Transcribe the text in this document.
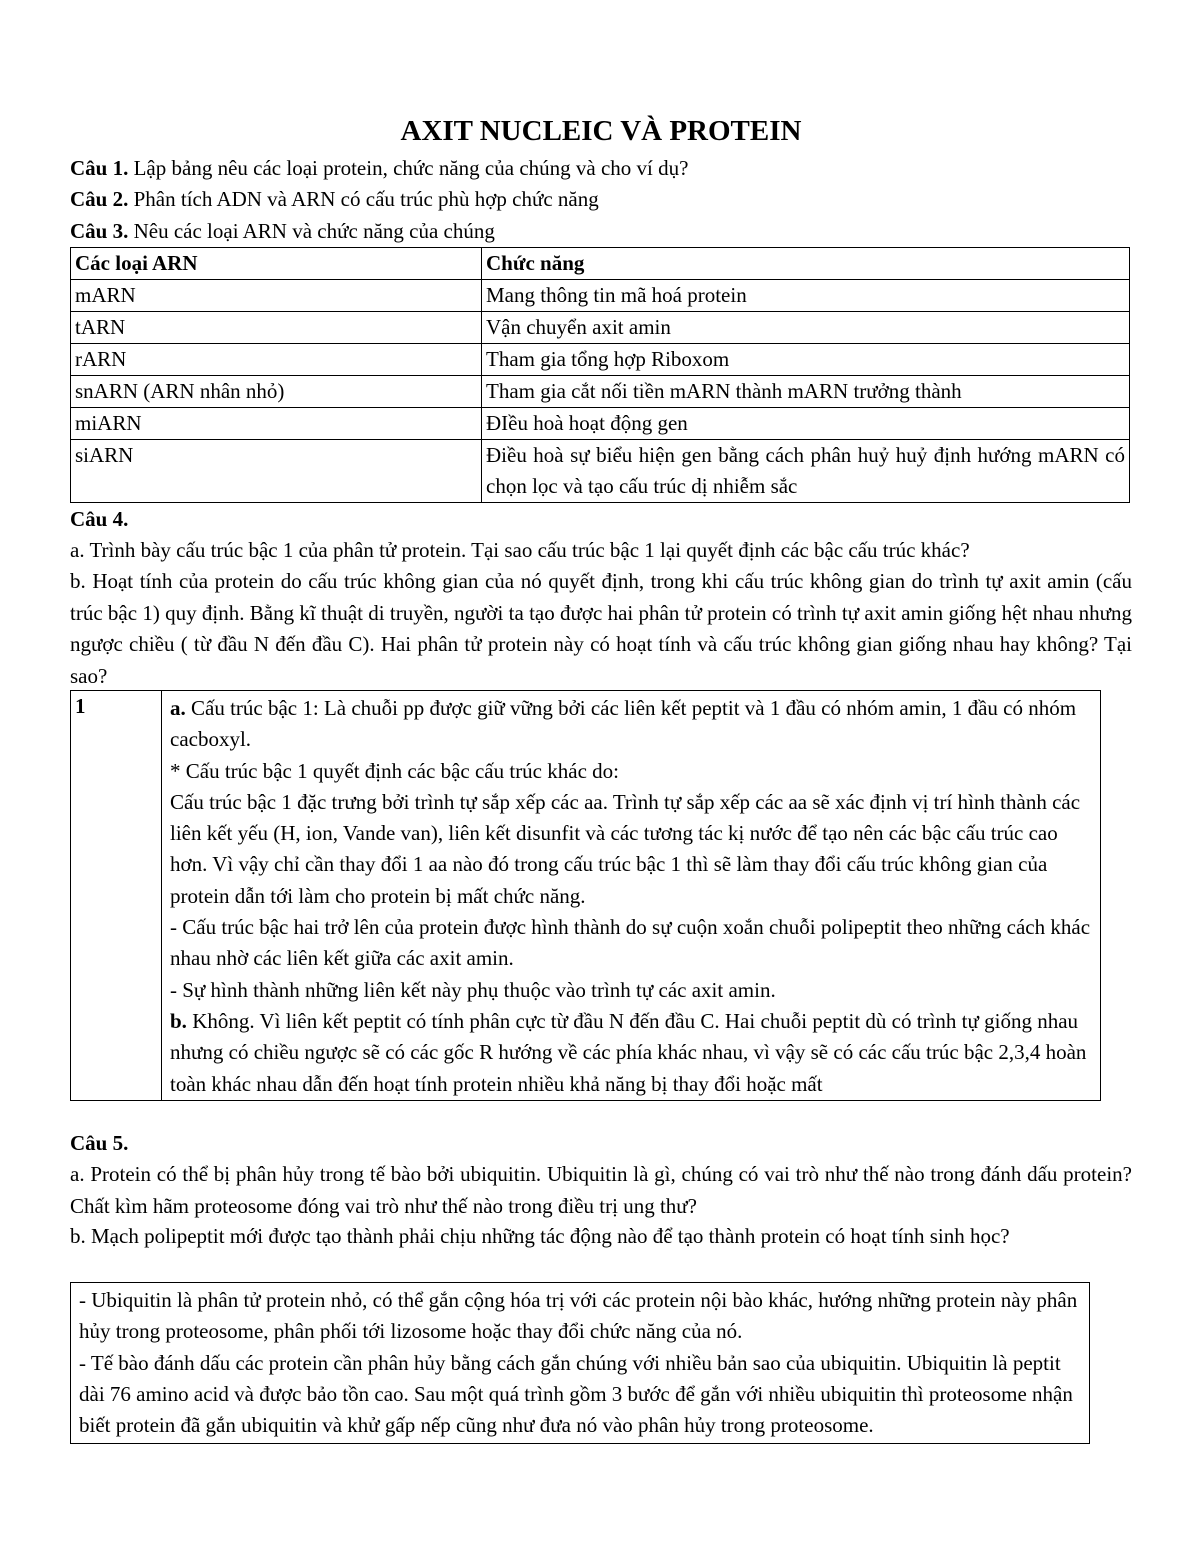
AXIT NUCLEIC VÀ PROTEIN
Câu 1. Lập bảng nêu các loại protein, chức năng của chúng và cho ví dụ?
Câu 2. Phân tích ADN và ARN có cấu trúc phù hợp chức năng
Câu 3. Nêu các loại ARN và chức năng của chúng
Các loại ARN	Chức năng
mARN	Mang thông tin mã hoá protein
tARN	Vận chuyển axit amin
rARN	Tham gia tổng hợp Riboxom
snARN (ARN nhân nhỏ)	Tham gia cắt nối tiền mARN thành mARN trưởng thành
miARN	ĐIều hoà hoạt động gen
siARN	Điều hoà sự biểu hiện gen bằng cách phân huỷ huỷ định hướng mARN có chọn lọc và tạo cấu trúc dị nhiễm sắc
Câu 4.
a. Trình bày cấu trúc bậc 1 của phân tử protein. Tại sao cấu trúc bậc 1 lại quyết định các bậc cấu trúc khác?
b. Hoạt tính của protein do cấu trúc không gian của nó quyết định, trong khi cấu trúc không gian do trình tự axit amin (cấu trúc bậc 1) quy định. Bằng kĩ thuật di truyền, người ta tạo được hai phân tử protein có trình tự axit amin giống hệt nhau nhưng ngược chiều ( từ đầu N đến đầu C). Hai phân tử protein này có hoạt tính và cấu trúc không gian giống nhau hay không? Tại sao?
1	a. Cấu trúc bậc 1: Là chuỗi pp được giữ vững bởi các liên kết peptit và 1 đầu có nhóm amin, 1 đầu có nhóm cacboxyl.
* Cấu trúc bậc 1 quyết định các bậc cấu trúc khác do:
Cấu trúc bậc 1 đặc trưng bởi trình tự sắp xếp các aa. Trình tự sắp xếp các aa sẽ xác định vị trí hình thành các liên kết yếu (H, ion, Vande van), liên kết disunfit và các tương tác kị nước để tạo nên các bậc cấu trúc cao hơn. Vì vậy chỉ cần thay đổi 1 aa nào đó trong cấu trúc bậc 1 thì sẽ làm thay đổi cấu trúc không gian của protein dẫn tới làm cho protein bị mất chức năng.
- Cấu trúc bậc hai trở lên của protein được hình thành do sự cuộn xoắn chuỗi polipeptit theo những cách khác nhau nhờ các liên kết giữa các axit amin.
- Sự hình thành những liên kết này phụ thuộc vào trình tự các axit amin.
b. Không. Vì liên kết peptit có tính phân cực từ đầu N đến đầu C. Hai chuỗi peptit dù có trình tự giống nhau nhưng có chiều ngược sẽ có các gốc R hướng về các phía khác nhau, vì vậy sẽ có các cấu trúc bậc 2,3,4 hoàn toàn khác nhau dẫn đến hoạt tính protein nhiều khả năng bị thay đổi hoặc mất
Câu 5.
a. Protein có thể bị phân hủy trong tế bào bởi ubiquitin. Ubiquitin là gì, chúng có vai trò như thế nào trong đánh dấu protein? Chất kìm hãm proteosome đóng vai trò như thế nào trong điều trị ung thư?
b. Mạch polipeptit mới được tạo thành phải chịu những tác động nào để tạo thành protein có hoạt tính sinh học?
- Ubiquitin là phân tử protein nhỏ, có thể gắn cộng hóa trị với các protein nội bào khác, hướng những protein này phân hủy trong proteosome, phân phối tới lizosome hoặc thay đổi chức năng của nó.
- Tế bào đánh dấu các protein cần phân hủy bằng cách gắn chúng với nhiều bản sao của ubiquitin. Ubiquitin là peptit dài 76 amino acid và được bảo tồn cao. Sau một quá trình gồm 3 bước để gắn với nhiều ubiquitin thì proteosome nhận biết protein đã gắn ubiquitin và khử gấp nếp cũng như đưa nó vào phân hủy trong proteosome.
